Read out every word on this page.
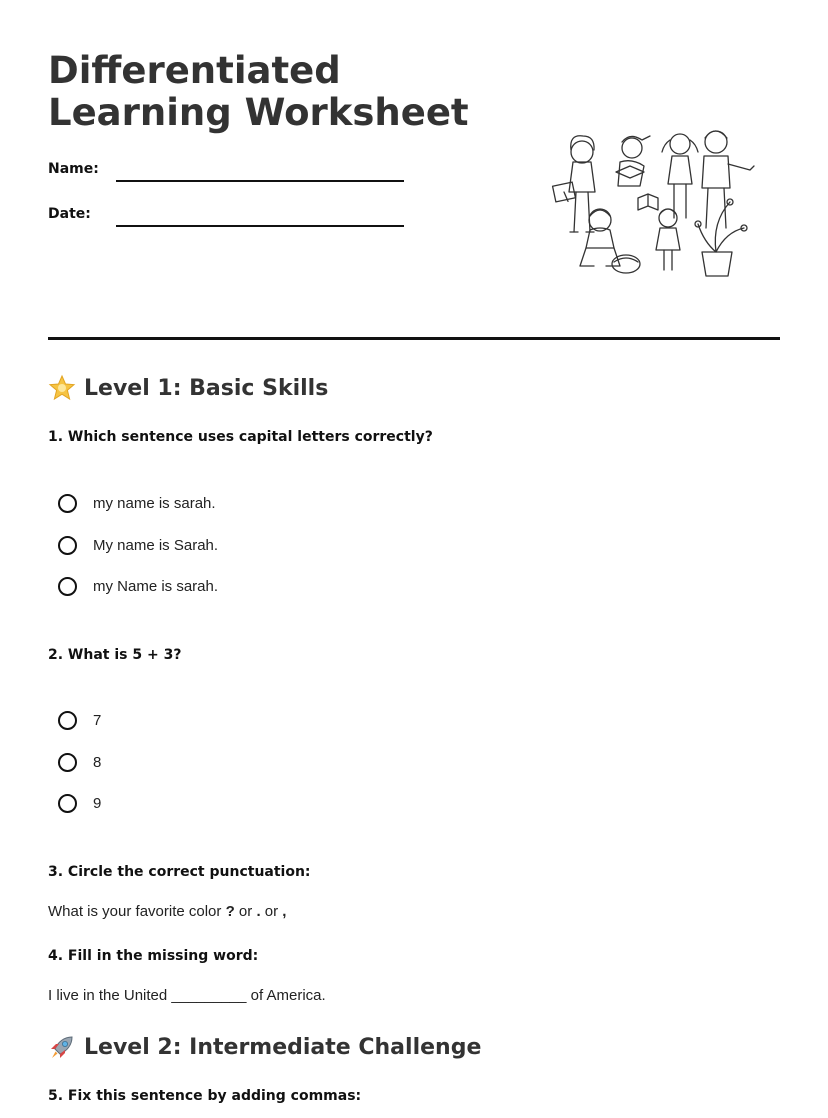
Differentiated Learning Worksheet
Name:
Date:
Level 1: Basic Skills

1. Which sentence uses capital letters correctly?

my name is sarah.
My name is Sarah.
my Name is sarah.

2. What is 5 + 3?

7
8
9

3. Circle the correct punctuation:

What is your favorite color ? or . or ,

4. Fill in the missing word:

I live in the United _________ of America.

Level 2: Intermediate Challenge

5. Fix this sentence by adding commas:
